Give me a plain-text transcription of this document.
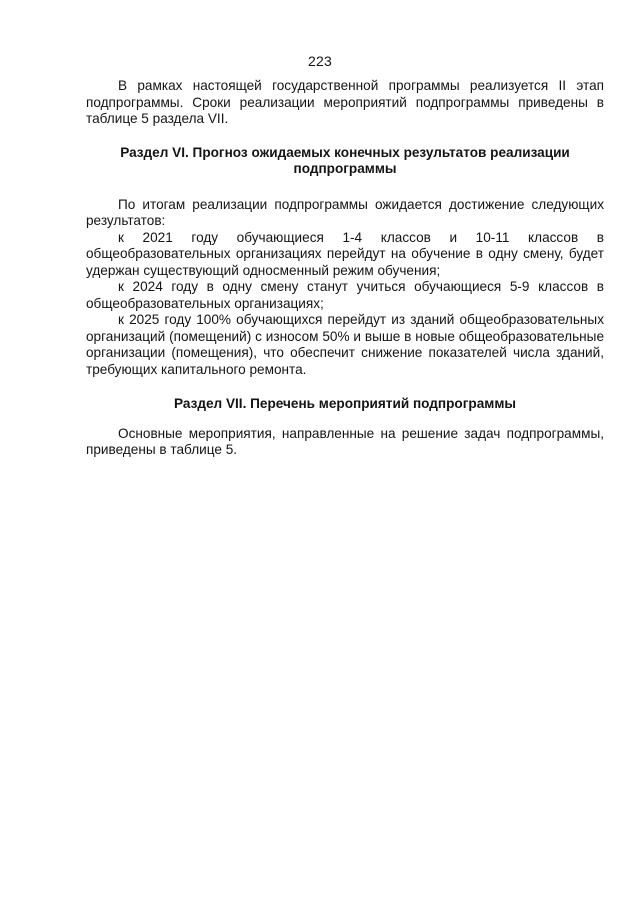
223

В рамках настоящей государственной программы реализуется II этап подпрограммы. Сроки реализации мероприятий подпрограммы приведены в таблице 5 раздела VII.

Раздел VI. Прогноз ожидаемых конечных результатов реализации подпрограммы

По итогам реализации подпрограммы ожидается достижение следующих результатов:

к 2021 году обучающиеся 1-4 классов и 10-11 классов в общеобразовательных организациях перейдут на обучение в одну смену, будет удержан существующий односменный режим обучения;

к 2024 году в одну смену станут учиться обучающиеся 5-9 классов в общеобразовательных организациях;

к 2025 году 100% обучающихся перейдут из зданий общеобразовательных организаций (помещений) с износом 50% и выше в новые общеобразовательные организации (помещения), что обеспечит снижение показателей числа зданий, требующих капитального ремонта.

Раздел VII. Перечень мероприятий подпрограммы

Основные мероприятия, направленные на решение задач подпрограммы, приведены в таблице 5.
